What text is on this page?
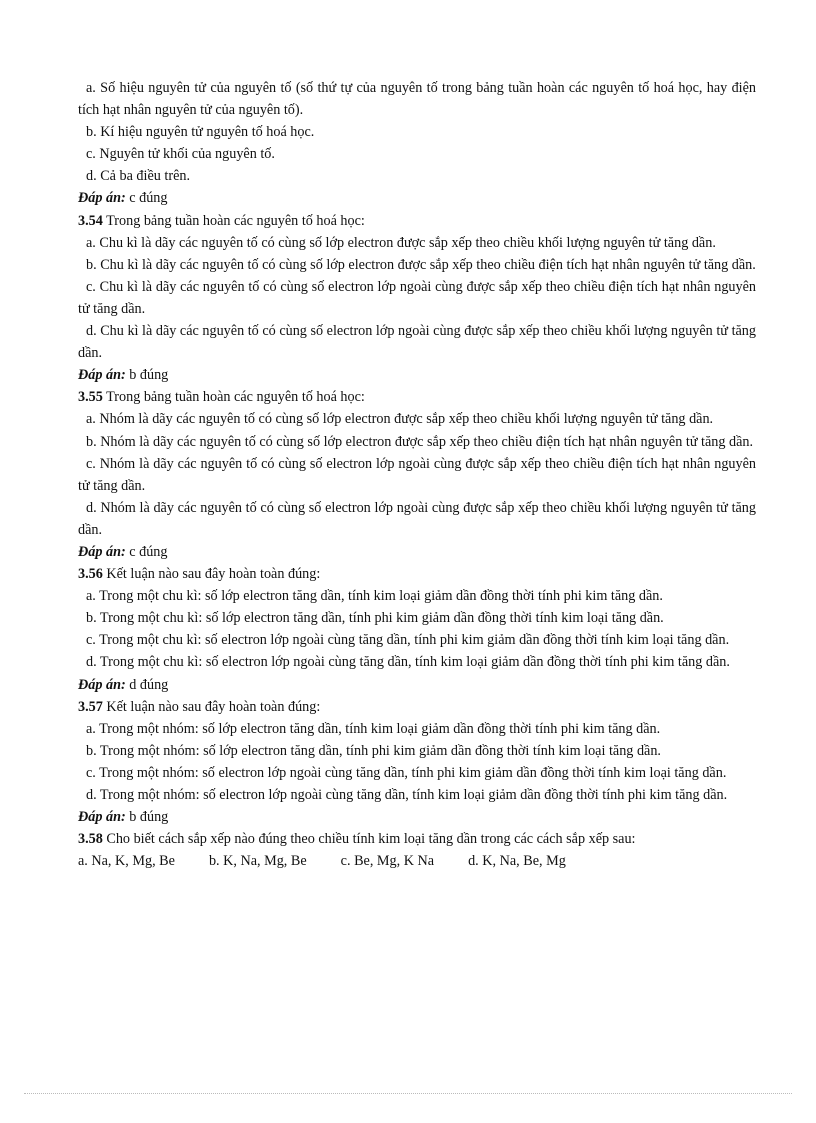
a. Số hiệu nguyên tử của nguyên tố (số thứ tự của nguyên tố trong bảng tuần hoàn các nguyên tố hoá học, hay điện tích hạt nhân nguyên tử của nguyên tố).

b. Kí hiệu nguyên tử nguyên tố hoá học.

c. Nguyên tử khối của nguyên tố.

d. Cả ba điều trên.

Đáp án: c đúng

3.54 Trong bảng tuần hoàn các nguyên tố hoá học:

a. Chu kì là dãy các nguyên tố có cùng số lớp electron được sắp xếp theo chiều khối lượng nguyên tử tăng dần.

b. Chu kì là dãy các nguyên tố có cùng số lớp electron được sắp xếp theo chiều điện tích hạt nhân nguyên tử tăng dần.

c. Chu kì là dãy các nguyên tố có cùng số electron lớp ngoài cùng được sắp xếp theo chiều điện tích hạt nhân nguyên tử tăng dần.

d. Chu kì là dãy các nguyên tố có cùng số electron lớp ngoài cùng được sắp xếp theo chiều khối lượng nguyên tử tăng dần.

Đáp án: b đúng

3.55 Trong bảng tuần hoàn các nguyên tố hoá học:

a. Nhóm là dãy các nguyên tố có cùng số lớp electron được sắp xếp theo chiều khối lượng nguyên tử tăng dần.

b. Nhóm là dãy các nguyên tố có cùng số lớp electron được sắp xếp theo chiều điện tích hạt nhân nguyên tử tăng dần.

c. Nhóm là dãy các nguyên tố có cùng số electron lớp ngoài cùng được sắp xếp theo chiều điện tích hạt nhân nguyên tử tăng dần.

d. Nhóm là dãy các nguyên tố có cùng số electron lớp ngoài cùng được sắp xếp theo chiều khối lượng nguyên tử tăng dần.

Đáp án: c đúng

3.56 Kết luận nào sau đây hoàn toàn đúng:

a. Trong một chu kì: số lớp electron tăng dần, tính kim loại giảm dần đồng thời tính phi kim tăng dần.

b. Trong một chu kì: số lớp electron tăng dần, tính phi kim giảm dần đồng thời tính kim loại tăng dần.

c. Trong một chu kì: số electron lớp ngoài cùng tăng dần, tính phi kim giảm dần đồng thời tính kim loại tăng dần.

d. Trong một chu kì: số electron lớp ngoài cùng tăng dần, tính kim loại giảm dần đồng thời tính phi kim tăng dần.

Đáp án: d đúng

3.57 Kết luận nào sau đây hoàn toàn đúng:

a. Trong một nhóm: số lớp electron tăng dần, tính kim loại giảm dần đồng thời tính phi kim tăng dần.

b. Trong một nhóm: số lớp electron tăng dần, tính phi kim giảm dần đồng thời tính kim loại tăng dần.

c. Trong một nhóm: số electron lớp ngoài cùng tăng dần, tính phi kim giảm dần đồng thời tính kim loại tăng dần.

d. Trong một nhóm: số electron lớp ngoài cùng tăng dần, tính kim loại giảm dần đồng thời tính phi kim tăng dần.

Đáp án: b đúng

3.58 Cho biết cách sắp xếp nào đúng theo chiều tính kim loại tăng dần trong các cách sắp xếp sau:

a. Na, K, Mg, Be b. K, Na, Mg, Be c. Be, Mg, K Na d. K, Na, Be, Mg
